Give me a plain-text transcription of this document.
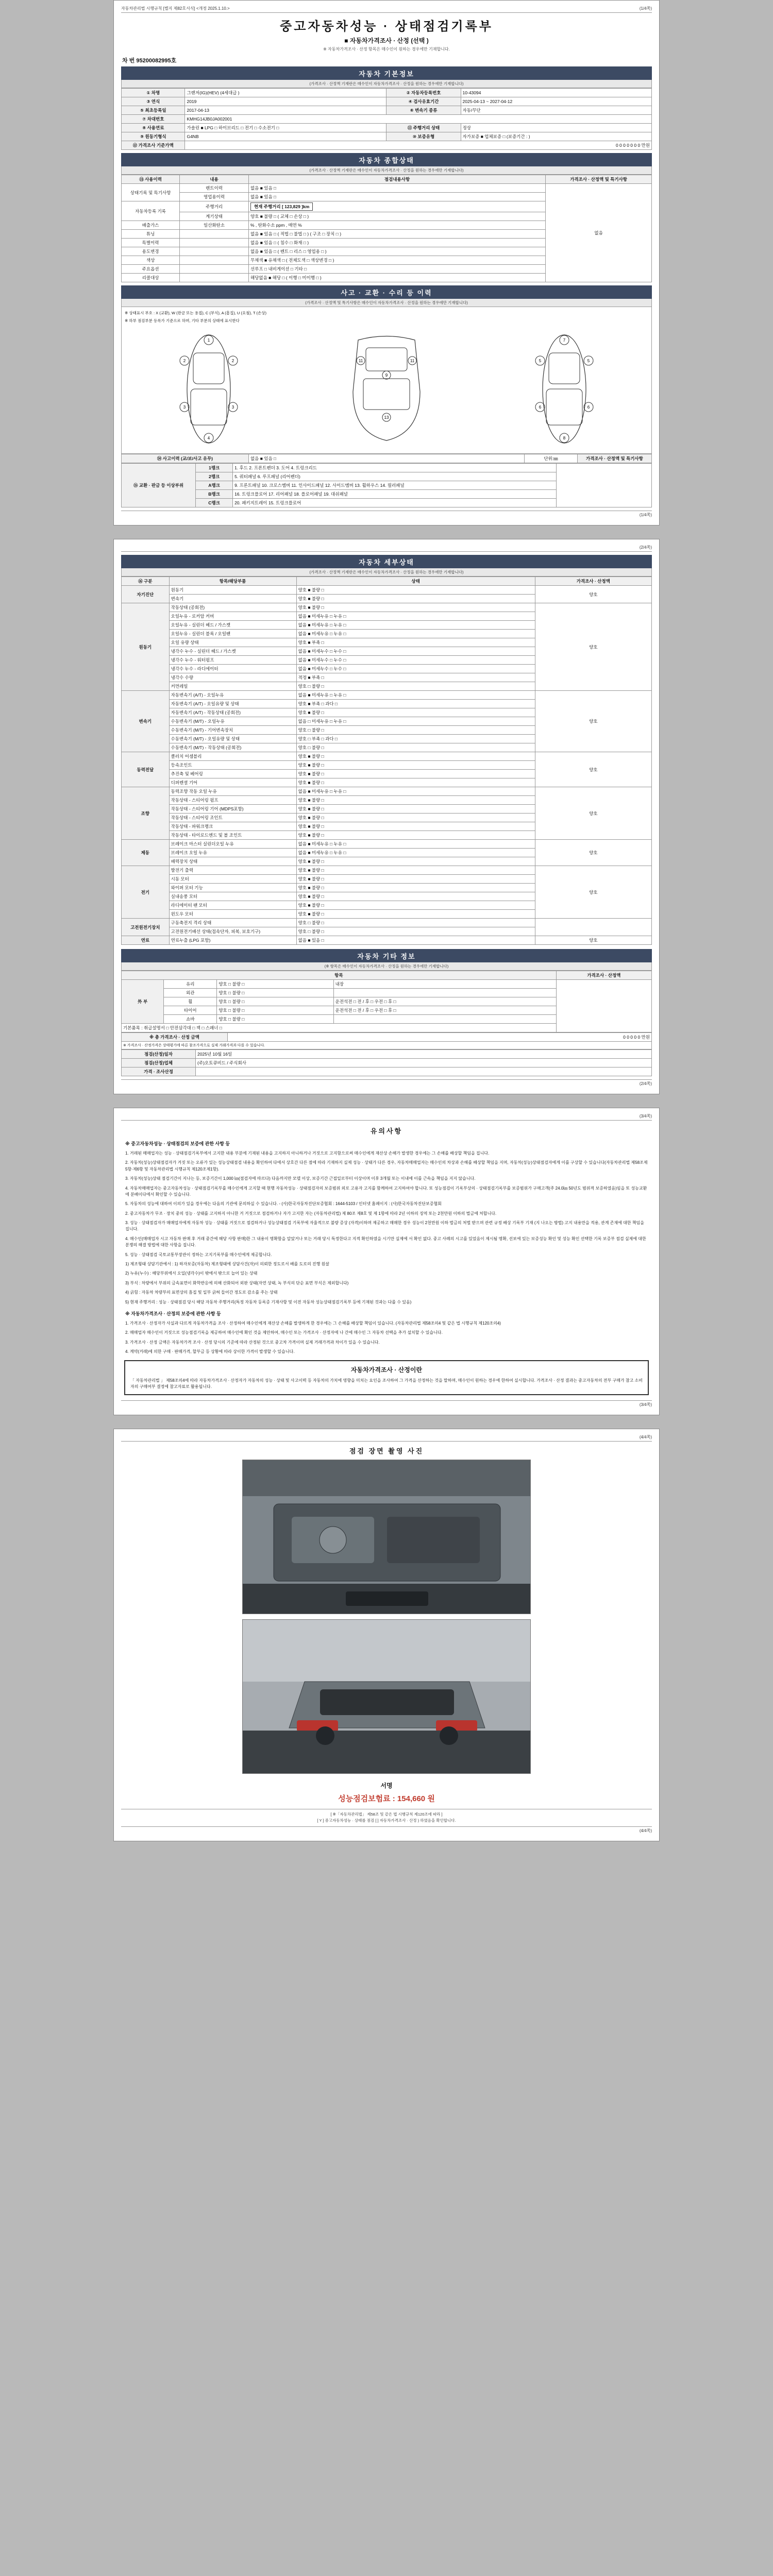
자동차관리법 시행규칙 [별지 제82호서식] <개정 2025.1.10.>	(1/4쪽)
중고자동차성능 · 상태점검기록부
■ 자동차가격조사 · 산정 (선택 )
※ 자동차가격조사 · 산정 항목은 매수인이 원하는 경우에만 기재합니다.
차 번 95200082995호
자동차 기본정보
(가격조사 · 산정액 기재란은 매수인이 자동차가격조사 · 산정을 원하는 경우에만 기재합니다)
① 차명	그랜저(IG)(HEV) (4세대급 )	② 자동차등록번호	10-43094
③ 연식	2019	④ 검사유효기간	2025-04-13 ~ 2027-04-12
⑤ 최초등록일	2017-04-13	⑥ 변속기 종류	자동/무단
⑦ 차대번호	KMHG14JB0JA002001		
⑧ 사용연료	가솔린 ■ LPG □ 하이브리드 □ 전기 □ 수소전기 □	⑪ 주행거리 상태	정상
⑨ 원동기형식	G4NB	⑩ 보증유형	자가보증 ■ 업체보증 □ (보증기간 : )
⑫ 가격조사 기준가액	0 0 0 0 0 0 0 만원		
자동차 종합상태
(가격조사 · 산정액 기재란은 매수인이 자동차가격조사 · 산정을 원하는 경우에만 기재합니다)
⑬ 사용이력	내용	점검내용사항	가격조사 · 산정액 및 특기사항
상태기록 및 특기사항	렌트이력	없음 ■ 있음 □	없음
	영업용이력	없음 ■ 있음 □	
자동차등록 기록	주행거리	현재 주행거리 [ 123,829 ]km	
	계기상태	양호 ■ 불량 □ ( 교체 □ 손상 □ )	
배출가스	일산화탄소	% , 탄화수소 ppm , 매연 %	
튜닝		없음 ■ 있음 □ ( 적법 □ 불법 □ ) ( 구조 □ 장치 □ )	
특별이력		없음 ■ 있음 □ ( 침수 □ 화재 □ )	
용도변경		없음 ■ 있음 □ ( 렌트 □ 리스 □ 영업용 □ )	
색상		무채색 ■ 유채색 □ ( 전체도색 □ 색상변경 □ )	
주요옵션		선루프 □ 내비게이션 □ 기타 □	
리콜대상		해당없음 ■ 해당 □ ( 이행 □ 미이행 □ )	
사고 · 교환 · 수리 등 이력
(가격조사 · 산정액 및 특기사항은 매수인이 자동차가격조사 · 산정을 원하는 경우에만 기재합니다)
※ 상태표시 부호 : X (교환), W (판금 또는 용접), C (부식), A (흠집), U (요철), T (손상)
※ 하부 점검부분 등록가 기준으로 하며, 기타 부분의 상태에 표시한다
2	2
3	3
1
4
9
13
11	11	5	5
6	6
7
8
⑭ 사고이력 (교/보/사고 유무)	없음 ■ 있음 □	단위:㎜	가격조사 · 산정액 및 특기사항
⑮ 교환 · 판금 등 이상부위	1랭크	1. 후드 2. 프론트펜더 3. 도어 4. 트렁크리드	
	2랭크	5. 쿼터패널 6. 루프패널 (리어펜더)	
	A랭크	9. 프론트패널 10. 크로스멤버 11. 인사이드패널 12. 사이드멤버 13. 휠하우스 14. 필러패널	
	B랭크	16. 트렁크플로어 17. 리어패널 18. 플로어패널 19. 대쉬패널	
	C랭크	20. 패키지트레이 15. 트렁크플로어	
(1/4쪽)
(2/4쪽)
자동차 세부상태
(가격조사 · 산정액 기재란은 매수인이 자동차가격조사 · 산정을 원하는 경우에만 기재합니다)
⑯ 구분	항목/해당부품	상태	가격조사 · 산정액
자기진단	원동기	양호 ■ 불량 □	양호
	변속기	양호 ■ 불량 □	
원동기	작동상태 (공회전)	양호 ■ 불량 □	양호
	오일누유 - 로커암 커버	없음 ■ 미세누유 □ 누유 □	
	오일누유 - 실린더 헤드 / 가스켓	없음 ■ 미세누유 □ 누유 □	
	오일누유 - 실린더 블록 / 오일팬	없음 ■ 미세누유 □ 누유 □	
	오일 유량 상태	양호 ■ 부족 □	
	냉각수 누수 - 실린더 헤드 / 가스켓	없음 ■ 미세누수 □ 누수 □	
	냉각수 누수 - 워터펌프	없음 ■ 미세누수 □ 누수 □	
	냉각수 누수 - 라디에이터	없음 ■ 미세누수 □ 누수 □	
	냉각수 수량	적정 ■ 부족 □	
	커먼레일	양호 □ 불량 □	
변속기	자동변속기 (A/T) - 오일누유	없음 ■ 미세누유 □ 누유 □	양호
	자동변속기 (A/T) - 오일유량 및 상태	양호 ■ 부족 □ 과다 □	
	자동변속기 (A/T) - 작동상태 (공회전)	양호 ■ 불량 □	
	수동변속기 (M/T) - 오일누유	없음 □ 미세누유 □ 누유 □	
	수동변속기 (M/T) - 기어변속장치	양호 □ 불량 □	
	수동변속기 (M/T) - 오일유량 및 상태	양호 □ 부족 □ 과다 □	
	수동변속기 (M/T) - 작동상태 (공회전)	양호 □ 불량 □	
동력전달	클러치 어셈블리	양호 ■ 불량 □	양호
	등속조인트	양호 ■ 불량 □	
	추진축 및 베어링	양호 ■ 불량 □	
	디퍼렌셜 기어	양호 ■ 불량 □	
조향	동력조향 작동 오일 누유	없음 ■ 미세누유 □ 누유 □	양호
	작동상태 - 스티어링 펌프	양호 ■ 불량 □	
	작동상태 - 스티어링 기어 (MDPS포함)	양호 ■ 불량 □	
	작동상태 - 스티어링 조인트	양호 ■ 불량 □	
	작동상태 - 파워크랭크	양호 ■ 불량 □	
	작동상태 - 타이로드엔드 및 볼 조인트	양호 ■ 불량 □	
제동	브레이크 마스터 실린더오일 누유	없음 ■ 미세누유 □ 누유 □	양호
	브레이크 오일 누유	없음 ■ 미세누유 □ 누유 □	
	배력장치 상태	양호 ■ 불량 □	
전기	발전기 출력	양호 ■ 불량 □	양호
	시동 모터	양호 ■ 불량 □	
	와이퍼 모터 기능	양호 ■ 불량 □	
	실내송풍 모터	양호 ■ 불량 □	
	라디에이터 팬 모터	양호 ■ 불량 □	
	윈도우 모터	양호 ■ 불량 □	
고전원전기장치	구동축전지 격리 상태	양호 □ 불량 □	
	고전원전기배선 상태(접속단자, 피복, 보호기구)	양호 □ 불량 □	
연료	연료누출 (LPG 포함)	없음 ■ 있음 □	양호
자동차 기타 정보
(※ 항목은 매수인이 자동차가격조사 · 산정을 원하는 경우에만 기재합니다)
항목				가격조사 · 산정액
外 부	유리	양호 □ 불량 □	내장	
	외관	양호 □ 불량 □		
	휠	양호 □ 불량 □	운전석전 □ 전 / 후 □ 우전 □ 후 □	
	타이어	양호 □ 불량 □	운전석전 □ 전 / 후 □ 우전 □ 후 □	
	쇼바	양호 □ 불량 □		
기본품목 : 취급설명서 □ 안전삼각대 □ 잭 □ 스패너 □				
※ 총 가격조사 · 산정 금액	0 0 0 0 0 만원
※ 가격조사 · 산정가격은 상태평가에 따른 참조가격으로 실제 거래가격과 다를 수 있습니다.
점검(산정)일자	2025년 10월 16일
점검(산정)업체	(주)오토큐비드 / 주식회사
가격 · 조사산정	
(2/4쪽)
(3/4쪽)
유의사항
※ 중고자동차성능 · 상태점검의 보증에 관한 사항 등

1. 거래된 매매업자는 성능 · 상태점검기록부에서 고지한 내용 부분에 기재된 내용을 고지하지 아니하거나 거짓으로 고지함으로써 매수인에게 재산상 손해가 발생한 경우에는 그 손해를 배상할 책임을 집니다.

2. 자동차(성능)상태점검자가 거짓 또는 오류가 있는 성능상태점검 내용을 확인하여 다에서 상호간 다른 점에 따라 기재하지 실제 성능 · 상태가 다른 경우, 자동차매매업자는 매수인의 차상과 손해를 배상할 책임을 지며, 자동차(성능)상태점검자에게 이를 구상할 수 있습니다(자동차관리법 제58조제5항·제6항 및 자동차관리법 시행규칙 제120조제1항).

3. 자동차(성능)상태 점검기간이 지나는 등, 보증기간이 1,000 ㎞(점검자에 따르다) 다음까지만 모델 이상, 보증기간 근접일로부터 이상이며 이후 3개월 또는 이내에 이를 근속을 책임을 지지 않습니다.

4. 자동차매매업자는 중고자동차성능 · 상태점검기록부를 매수인에게 고지할 때 현행 자동차성능 · 상태점검자의 보증범위 외로 고용자 고지를 함께하여 고지하여야 합니다. 또 성능점검이 기록부상의 · 상태점검기록부를 보증범위가 구매고객(주 24.0㎞ 50년도 범위적 보증하였음)임을 또 성능교환에 분배이다에서 확인할 수 있습니다.

5. 자동차의 성능에 대하여 이의가 있을 경우에는 다음의 기관에 문의하실 수 있습니다. - (사)한국자동차진단보증협회 : 1644-5103 / 인터넷 홈페이지 : (사)한국자동차진단보증협회

2. 중고자동차가 무조 · 장치 중의 성능 · 상태를 고지하지 아니한 거 거짓으로 점검하거나 자가 고지한 자는 (자동차관리법) 제 80조 제8호 및 제 1항에 따라 2년 이하의 징역 또는 2천만원 이하의 벌금에 처합니다.

3. 성능 · 상태점검자가 매매업자에게 자동차 성능 · 상태를 거짓으로 점검하거나 성능상태점검 기록부에 자율적으로 불량 증상 (자격)이하며 제공하고 매매한 경우 성능이 2천만원 이하 벌금의 처벌 받으며 관련 규정 배상 기록부 기재 (지 나오는 방법) 고지 내용만을 적용, 관계 존재에 대한 책임을 집니다.

4. 매수인(매매업자 시고 자동차 판매 후 거래 중간에 해당 사항 판매)한 그 내용이 명확함을 알았거나 또는 거래 당시 특정한다고 지적 확인하였을 시기만 실제에 서 확인 없다. 중고 사례의 시고를 있었음이 제시됨 명확, 선보에 있는 보증성능 확인 및 성능 확인 선택한 기록 보증부 점검 실제에 대한 분쟁의 해결 방법에 대한 사항을 집니다.

5. 성능 · 상태점검 국토교통부장관이 정하는 고지기록부를 매수인에게 제공합니다.

1) 제조형태 상담기관에서 : 1) 하자보증(자동차) 제조형태에 상담사건(자)이 의뢰한 정도로서 배를 도로의 진행 원살

2) 누유(누수) : 해당부위에서 오일(냉각수)이 밖에서 밖으로 늘어 있는 상태

3) 부식 : 차량에서 부위의 금속표면이 화학반응에 의해 산화되어 외판 상태(자연 상태, 녹 부식의 단순 표면 부식은 제외합니다)

4) 긁힘 : 자동차 차량부의 표면상의 흠집 및 일부 긁혀 들어간 정도로 감소를 주는 상태

5) 현재 주행거리 : 성능 · 상태점검 당시 해당 자동차 주행거리(특정 자동차 등록증 기재사항 및 이전 자동차 성능상태점검기록부 등에 기재된 것과는 다를 수 있음)

※ 자동차가격조사 · 산정의 보증에 관한 사항 등

1. 가격조사 · 산정자가 사실과 다르게 자동차가격을 조사 · 산정하여 매수인에게 재산상 손해를 발생하게 한 경우에는 그 손해를 배상할 책임이 있습니다. (자동차관리법 제58조의4 및 같은 법 시행규칙 제120조의4)

2. 매매업자 매수인이 거짓으로 성능점검기록을 제공하여 매수인에 확인 것을 제안하여, 매수인 또는 가격조사 · 산정자에 나 간에 매수인 그 자동차 선택을 추가 설치할 수 있습니다.

3. 가격조사 · 산정 금액은 자동차가격 조사 · 산정 당시의 기준에 따라 산정된 것으로 중고차 가격이며 실제 거래가격과 차이가 있을 수 있습니다.

4. 계약(거래)에 의한 구매 · 판매가격, 할부금 등 상황에 따라 상이한 가격이 발생할 수 있습니다.

자동차가격조사 · 산정이란
「 자동차관리법 」 제58조의4에 따라 자동차가격조사 · 산정자가 자동차의 성능 · 상태 및 사고이력 등 자동차의 가치에 영향을 미치는 요인을 조사하여 그 가격을 산정하는 것을 말하며, 매수인이 원하는 경우에 한하여 실시합니다. 가격조사 · 산정 결과는 중고자동차의 전부 구매가 참고 소비자의 구매여부 결정에 참고자료로 활용됩니다.
(3/4쪽)
(4/4쪽)
점검 장면 촬영 사진
서명
성능점검보험료 : 154,660 원
[ ※「자동차관리법」 제58조 및 같은 법 시행규칙 제120조에 따라 ]
[ Y ] 중고자동차성능 · 상태를 점검 [ ] 자동차가격조사 · 산정 ) 하였음을 확인합니다.
(4/4쪽)
